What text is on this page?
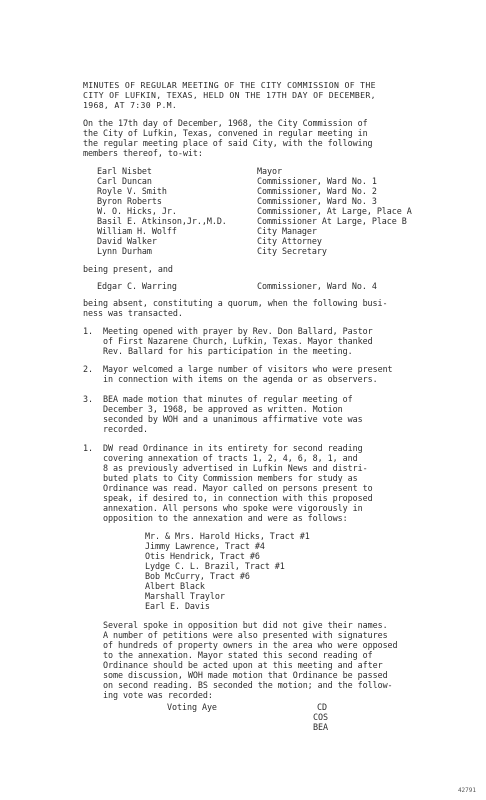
MINUTES OF REGULAR MEETING OF THE CITY COMMISSION OF THE
CITY OF LUFKIN, TEXAS, HELD ON THE 17TH DAY OF DECEMBER,
1968, AT 7:30 P.M.
On the 17th day of December, 1968, the City Commission of
the City of Lufkin, Texas, convened in regular meeting in
the regular meeting place of said City, with the following
members thereof, to-wit:
Earl Nisbet	Mayor
Carl Duncan	Commissioner, Ward No. 1
Royle V. Smith	Commissioner, Ward No. 2
Byron Roberts	Commissioner, Ward No. 3
W. O. Hicks, Jr.	Commissioner, At Large, Place A
Basil E. Atkinson,Jr.,M.D.	Commissioner At Large, Place B
William H. Wolff	City Manager
David Walker	City Attorney
Lynn Durham	City Secretary
being present, and
Edgar C. Warring	Commissioner, Ward No. 4
being absent, constituting a quorum, when the following busi-
ness was transacted.
1. Meeting opened with prayer by Rev. Don Ballard, Pastor
of First Nazarene Church, Lufkin, Texas. Mayor thanked
Rev. Ballard for his participation in the meeting.
2. Mayor welcomed a large number of visitors who were present
in connection with items on the agenda or as observers.
3. BEA made motion that minutes of regular meeting of
December 3, 1968, be approved as written. Motion
seconded by WOH and a unanimous affirmative vote was
recorded.
1. DW read Ordinance in its entirety for second reading
covering annexation of tracts 1, 2, 4, 6, 8, 1, and
8 as previously advertised in Lufkin News and distri-
buted plats to City Commission members for study as
Ordinance was read. Mayor called on persons present to
speak, if desired to, in connection with this proposed
annexation. All persons who spoke were vigorously in
opposition to the annexation and were as follows:
Mr. & Mrs. Harold Hicks, Tract #1
Jimmy Lawrence, Tract #4
Otis Hendrick, Tract #6
Lydge C. L. Brazil, Tract #1
Bob McCurry, Tract #6
Albert Black
Marshall Traylor
Earl E. Davis
Several spoke in opposition but did not give their names.
A number of petitions were also presented with signatures
of hundreds of property owners in the area who were opposed
to the annexation. Mayor stated this second reading of
Ordinance should be acted upon at this meeting and after
some discussion, WOH made motion that Ordinance be passed
on second reading. BS seconded the motion; and the follow-
ing vote was recorded:
Voting Aye	CD
COS
BEA
42791
